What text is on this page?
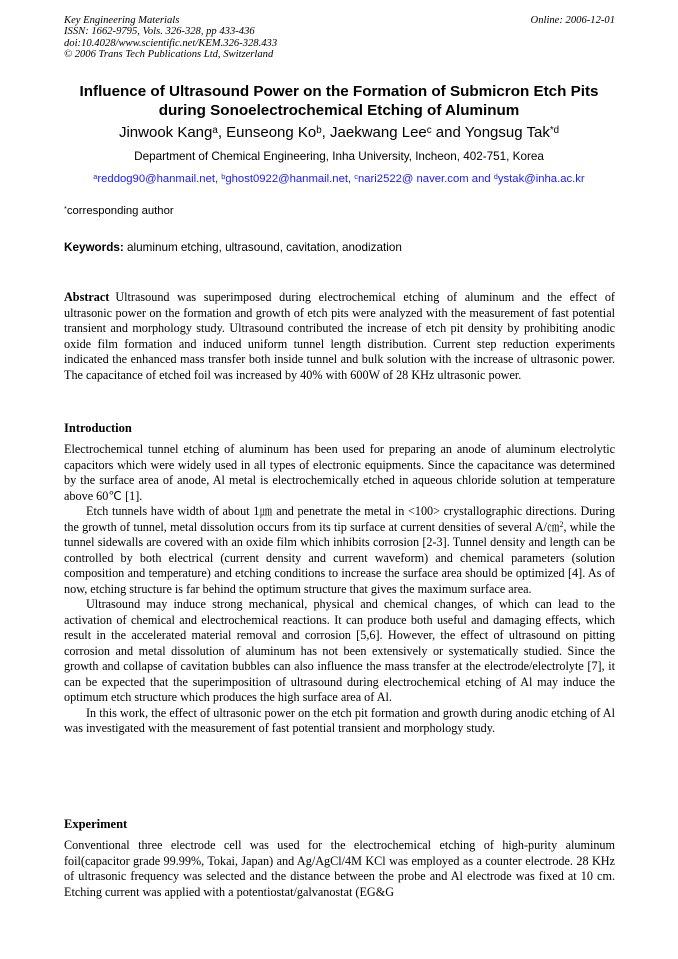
Key Engineering Materials
ISSN: 1662-9795, Vols. 326-328, pp 433-436
doi:10.4028/www.scientific.net/KEM.326-328.433
© 2006 Trans Tech Publications Ltd, Switzerland
Online: 2006-12-01
Influence of Ultrasound Power on the Formation of Submicron Etch Pits
during Sonoelectrochemical Etching of Aluminum
Jinwook Kang$^a$, Eunseong Ko$^b$, Jaekwang Lee$^c$ and Yongsug Tak$^{*d}$
Department of Chemical Engineering, Inha University, Incheon, 402-751, Korea
$^a$reddog90@hanmail.net, $^b$ghost0922@hanmail.net, $^c$nari2522@ naver.com and $^d$ystak@inha.ac.kr
*corresponding author
Keywords: aluminum etching, ultrasound, cavitation, anodization

Abstract Ultrasound was superimposed during electrochemical etching of aluminum and the effect of ultrasonic power on the formation and growth of etch pits were analyzed with the measurement of fast potential transient and morphology study. Ultrasound contributed the increase of etch pit density by prohibiting anodic oxide film formation and induced uniform tunnel length distribution. Current step reduction experiments indicated the enhanced mass transfer both inside tunnel and bulk solution with the increase of ultrasonic power. The capacitance of etched foil was increased by 40% with 600W of 28 KHz ultrasonic power.

Introduction

Electrochemical tunnel etching of aluminum has been used for preparing an anode of aluminum electrolytic capacitors which were widely used in all types of electronic equipments. Since the capacitance was determined by the surface area of anode, Al metal is electrochemically etched in aqueous chloride solution at temperature above 60℃ [1].

Etch tunnels have width of about 1㎛ and penetrate the metal in <100> crystallographic directions. During the growth of tunnel, metal dissolution occurs from its tip surface at current densities of several A/㎝$^2$, while the tunnel sidewalls are covered with an oxide film which inhibits corrosion [2-3]. Tunnel density and length can be controlled by both electrical (current density and current waveform) and chemical parameters (solution composition and temperature) and etching conditions to increase the surface area should be optimized [4]. As of now, etching structure is far behind the optimum structure that gives the maximum surface area.

Ultrasound may induce strong mechanical, physical and chemical changes, of which can lead to the activation of chemical and electrochemical reactions. It can produce both useful and damaging effects, which result in the accelerated material removal and corrosion [5,6]. However, the effect of ultrasound on pitting corrosion and metal dissolution of aluminum has not been extensively or systematically studied. Since the growth and collapse of cavitation bubbles can also influence the mass transfer at the electrode/electrolyte [7], it can be expected that the superimposition of ultrasound during electrochemical etching of Al may induce the optimum etch structure which produces the high surface area of Al.

In this work, the effect of ultrasonic power on the etch pit formation and growth during anodic etching of Al was investigated with the measurement of fast potential transient and morphology study.

Experiment

Conventional three electrode cell was used for the electrochemical etching of high-purity aluminum foil(capacitor grade 99.99%, Tokai, Japan) and Ag/AgCl/4M KCl was employed as a counter electrode. 28 KHz of ultrasonic frequency was selected and the distance between the probe and Al electrode was fixed at 10 cm. Etching current was applied with a potentiostat/galvanostat (EG&G
